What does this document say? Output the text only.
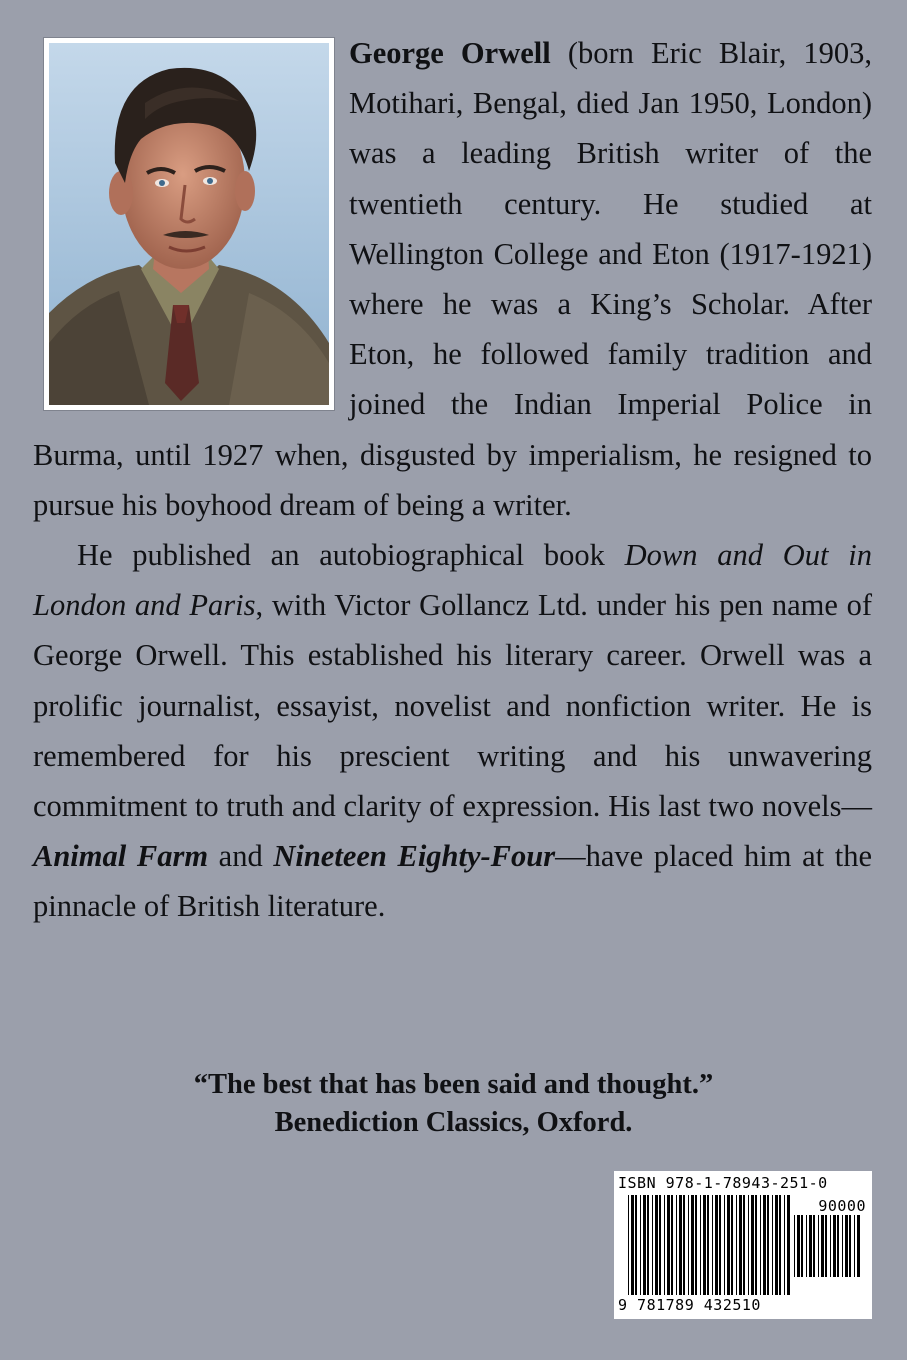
George Orwell (born Eric Blair, 1903, Motihari, Bengal, died Jan 1950, London) was a leading British writer of the twentieth century. He studied at Wellington College and Eton (1917-1921) where he was a King’s Scholar. After Eton, he followed family tradition and joined the Indian Imperial Police in Burma, until 1927 when, disgusted by imperialism, he resigned to pursue his boyhood dream of being a writer.

He published an autobiographical book Down and Out in London and Paris, with Victor Gollancz Ltd. under his pen name of George Orwell. This established his literary career. Orwell was a prolific journalist, essayist, novelist and nonfiction writer. He is remembered for his prescient writing and his unwavering commitment to truth and clarity of expression. His last two novels—Animal Farm and Nineteen Eighty-Four—have placed him at the pinnacle of British literature.

“The best that has been said and thought.”
Benediction Classics, Oxford.
ISBN 978-1-78943-251-0
90000
9 781789 432510
